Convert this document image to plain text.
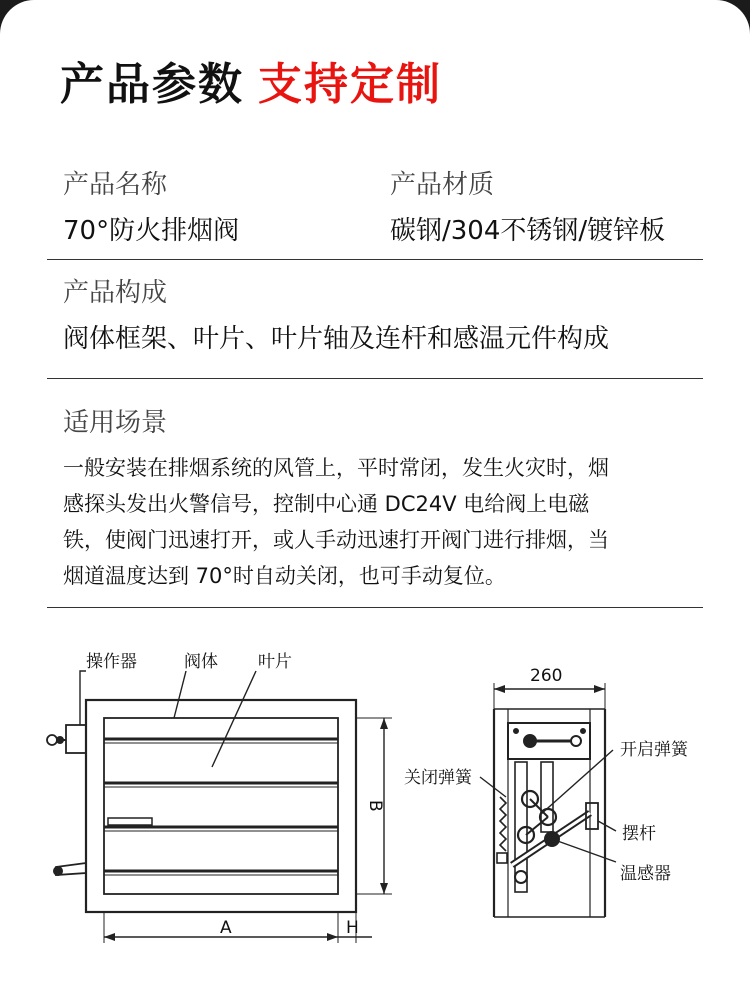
产品参数 支持定制
产品名称
70°防火排烟阀
产品材质
碳钢/304不锈钢/镀锌板
产品构成
阀体框架、叶片、叶片轴及连杆和感温元件构成
适用场景
一般安装在排烟系统的风管上，平时常闭，发生火灾时，烟
感探头发出火警信号，控制中心通 DC24V 电给阀上电磁
铁，使阀门迅速打开，或人手动迅速打开阀门进行排烟，当
烟道温度达到 70°时自动关闭，也可手动复位。
操作器	阀体 叶片
B
A	H
260
开启弹簧
关闭弹簧
摆杆
温感器
